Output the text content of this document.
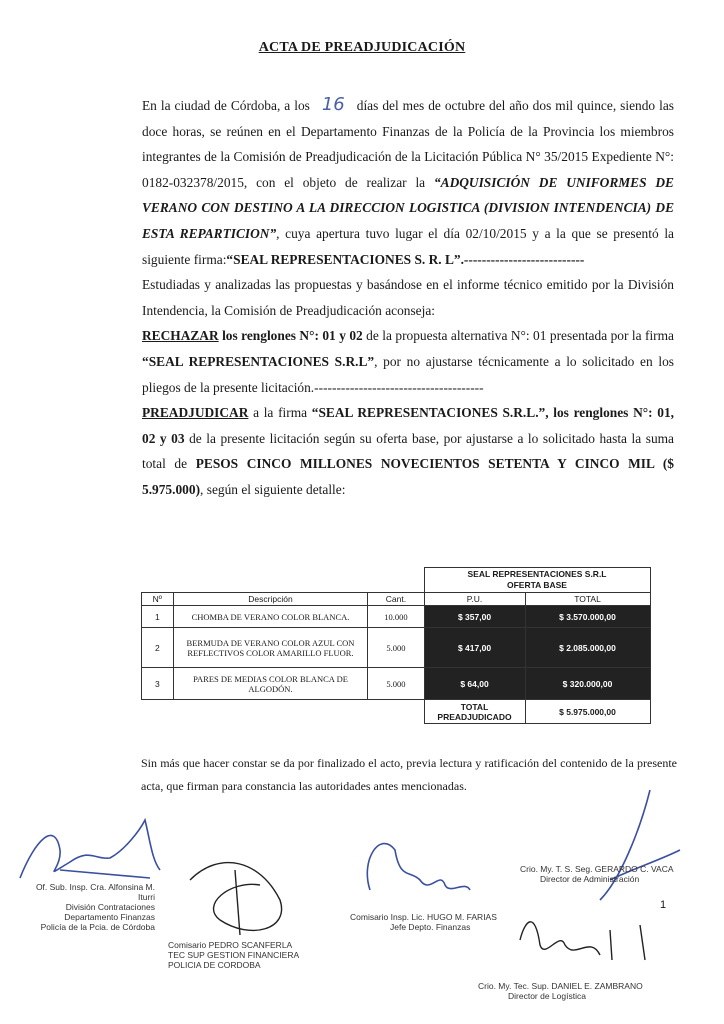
ACTA DE PREADJUDICACIÓN

En la ciudad de Córdoba, a los 16 días del mes de octubre del año dos mil quince, siendo las doce horas, se reúnen en el Departamento Finanzas de la Policía de la Provincia los miembros integrantes de la Comisión de Preadjudicación de la Licitación Pública N° 35/2015 Expediente N°: 0182-032378/2015, con el objeto de realizar la “ADQUISICIÓN DE UNIFORMES DE VERANO CON DESTINO A LA DIRECCION LOGISTICA (DIVISION INTENDENCIA) DE ESTA REPARTICION”, cuya apertura tuvo lugar el día 02/10/2015 y a la que se presentó la siguiente firma:“SEAL REPRESENTACIONES S. R. L”.---------------------------

Estudiadas y analizadas las propuestas y basándose en el informe técnico emitido por la División Intendencia, la Comisión de Preadjudicación aconseja:

RECHAZAR los renglones N°: 01 y 02 de la propuesta alternativa N°: 01 presentada por la firma “SEAL REPRESENTACIONES S.R.L”, por no ajustarse técnicamente a lo solicitado en los pliegos de la presente licitación.--------------------------------------

PREADJUDICAR a la firma “SEAL REPRESENTACIONES S.R.L.”, los renglones N°: 01, 02 y 03 de la presente licitación según su oferta base, por ajustarse a lo solicitado hasta la suma total de PESOS CINCO MILLONES NOVECIENTOS SETENTA Y CINCO MIL ($ 5.975.000), según el siguiente detalle:

			SEAL REPRESENTACIONES S.R.L
OFERTA BASE	
Nº	Descripción	Cant.	P.U.	TOTAL
1	CHOMBA DE VERANO COLOR BLANCA.	10.000	$ 357,00	$ 3.570.000,00
2	BERMUDA DE VERANO COLOR AZUL CON REFLECTIVOS COLOR AMARILLO FLUOR.	5.000	$ 417,00	$ 2.085.000,00
3	PARES DE MEDIAS COLOR BLANCA DE ALGODÓN.	5.000	$ 64,00	$ 320.000,00
			TOTAL PREADJUDICADO	$ 5.975.000,00
Sin más que hacer constar se da por finalizado el acto, previa lectura y ratificación del contenido de la presente acta, que firman para constancia las autoridades antes mencionadas.
Of. Sub. Insp. Cra. Alfonsina M. Iturri
División Contrataciones
Departamento Finanzas
Policía de la Pcia. de Córdoba
Comisario PEDRO SCANFERLA
TEC SUP GESTION FINANCIERA
POLICIA DE CORDOBA
Comisario Insp. Lic. HUGO M. FARIAS
Jefe Depto. Finanzas
Crio. My. T. S. Seg. GERARDO C. VACA
Director de Administración
Crio. My. Tec. Sup. DANIEL E. ZAMBRANO
Director de Logística
1
